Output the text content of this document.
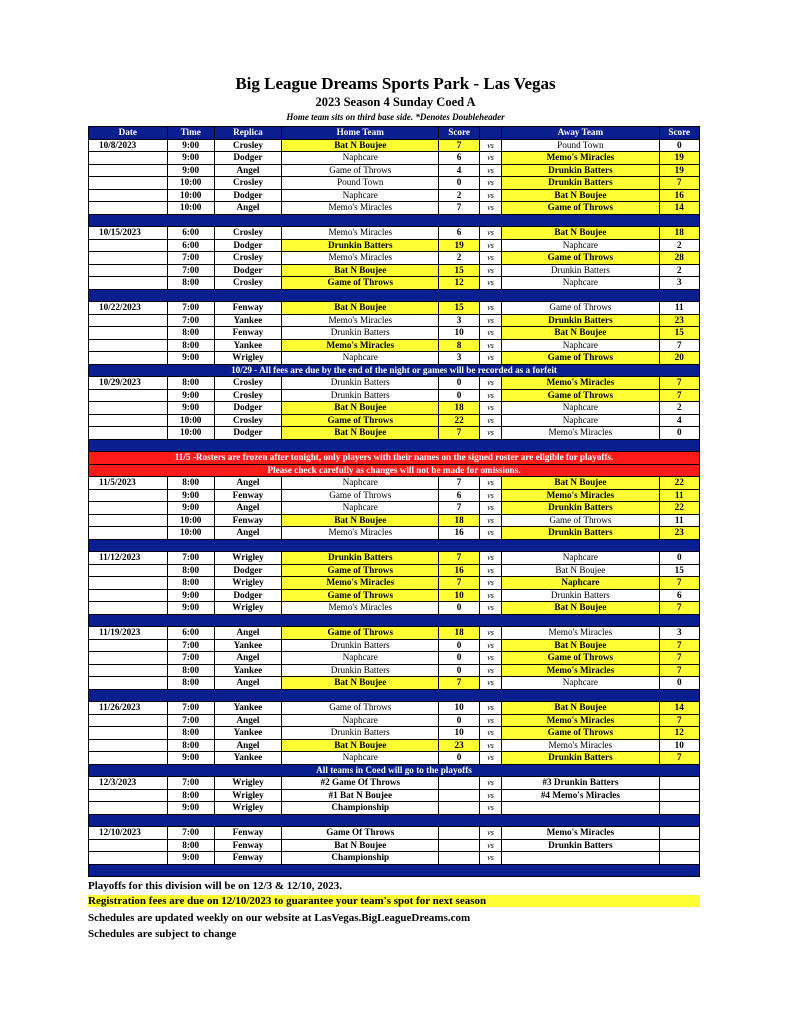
Big League Dreams Sports Park - Las Vegas
2023 Season 4 Sunday Coed A
Home team sits on third base side. *Denotes Doubleheader
Date	Time	Replica	Home Team	Score		Away Team	Score
10/8/2023	9:00	Crosley	Bat N Boujee	7	vs	Pound Town	0
	9:00	Dodger	Naphcare	6	vs	Memo's Miracles	19
	9:00	Angel	Game of Throws	4	vs	Drunkin Batters	19
	10:00	Crosley	Pound Town	0	vs	Drunkin Batters	7
	10:00	Dodger	Naphcare	2	vs	Bat N Boujee	16
	10:00	Angel	Memo's Miracles	7	vs	Game of Throws	14

10/15/2023	6:00	Crosley	Memo's Miracles	6	vs	Bat N Boujee	18
	6:00	Dodger	Drunkin Batters	19	vs	Naphcare	2
	7:00	Crosley	Memo's Miracles	2	vs	Game of Throws	28
	7:00	Dodger	Bat N Boujee	15	vs	Drunkin Batters	2
	8:00	Crosley	Game of Throws	12	vs	Naphcare	3

10/22/2023	7:00	Fenway	Bat N Boujee	15	vs	Game of Throws	11
	7:00	Yankee	Memo's Miracles	3	vs	Drunkin Batters	23
	8:00	Fenway	Drunkin Batters	10	vs	Bat N Boujee	15
	8:00	Yankee	Memo's Miracles	8	vs	Naphcare	7
	9:00	Wrigley	Naphcare	3	vs	Game of Throws	20
10/29 - All fees are due by the end of the night or games will be recorded as a forfeit							
10/29/2023	8:00	Crosley	Drunkin Batters	0	vs	Memo's Miracles	7
	9:00	Crosley	Drunkin Batters	0	vs	Game of Throws	7
	9:00	Dodger	Bat N Boujee	18	vs	Naphcare	2
	10:00	Crosley	Game of Throws	22	vs	Naphcare	4
	10:00	Dodger	Bat N Boujee	7	vs	Memo's Miracles	0

11/5 -Rosters are frozen after tonight, only players with their names on the signed roster are eligible for playoffs.							
Please check carefully as changes will not be made for omissions.							
11/5/2023	8:00	Angel	Naphcare	7	vs	Bat N Boujee	22
	9:00	Fenway	Game of Throws	6	vs	Memo's Miracles	11
	9:00	Angel	Naphcare	7	vs	Drunkin Batters	22
	10:00	Fenway	Bat N Boujee	18	vs	Game of Throws	11
	10:00	Angel	Memo's Miracles	16	vs	Drunkin Batters	23

11/12/2023	7:00	Wrigley	Drunkin Batters	7	vs	Naphcare	0
	8:00	Dodger	Game of Throws	16	vs	Bat N Boujee	15
	8:00	Wrigley	Memo's Miracles	7	vs	Naphcare	7
	9:00	Dodger	Game of Throws	10	vs	Drunkin Batters	6
	9:00	Wrigley	Memo's Miracles	0	vs	Bat N Boujee	7

11/19/2023	6:00	Angel	Game of Throws	18	vs	Memo's Miracles	3
	7:00	Yankee	Drunkin Batters	0	vs	Bat N Boujee	7
	7:00	Angel	Naphcare	0	vs	Game of Throws	7
	8:00	Yankee	Drunkin Batters	0	vs	Memo's Miracles	7
	8:00	Angel	Bat N Boujee	7	vs	Naphcare	0

11/26/2023	7:00	Yankee	Game of Throws	10	vs	Bat N Boujee	14
	7:00	Angel	Naphcare	0	vs	Memo's Miracles	7
	8:00	Yankee	Drunkin Batters	10	vs	Game of Throws	12
	8:00	Angel	Bat N Boujee	23	vs	Memo's Miracles	10
	9:00	Yankee	Naphcare	0	vs	Drunkin Batters	7
All teams in Coed will go to the playoffs							
12/3/2023	7:00	Wrigley	#2 Game Of Throws		vs	#3 Drunkin Batters	
	8:00	Wrigley	#1 Bat N Boujee		vs	#4 Memo's Miracles	
	9:00	Wrigley	Championship		vs		

12/10/2023	7:00	Fenway	Game Of Throws		vs	Memo's Miracles	
	8:00	Fenway	Bat N Boujee		vs	Drunkin Batters	
	9:00	Fenway	Championship		vs		

Playoffs for this division will be on 12/3 & 12/10, 2023.
Registration fees are due on 12/10/2023 to guarantee your team's spot for next season
Schedules are updated weekly on our website at LasVegas.BigLeagueDreams.com
Schedules are subject to change
